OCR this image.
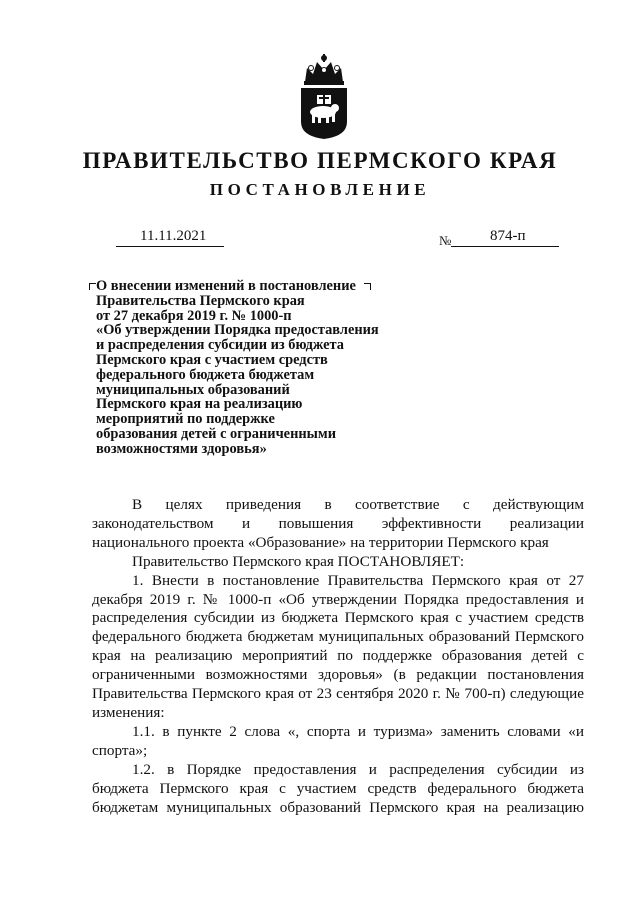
ПРАВИТЕЛЬСТВО ПЕРМСКОГО КРАЯ
ПОСТАНОВЛЕНИЕ
11.11.2021	№	874-п
О внесении изменений в постановление
Правительства Пермского края
от 27 декабря 2019 г. № 1000-п
«Об утверждении Порядка предоставления
и распределения субсидии из бюджета
Пермского края с участием средств
федерального бюджета бюджетам
муниципальных образований
Пермского края на реализацию
мероприятий по поддержке
образования детей с ограниченными
возможностями здоровья»

В целях приведения в соответствие с действующим законодательством и повышения эффективности реализации национального проекта «Образование» на территории Пермского края

Правительство Пермского края ПОСТАНОВЛЯЕТ:

1. Внести в постановление Правительства Пермского края от 27 декабря 2019 г. № 1000-п «Об утверждении Порядка предоставления и распределения субсидии из бюджета Пермского края с участием средств федерального бюджета бюджетам муниципальных образований Пермского края на реализацию мероприятий по поддержке образования детей с ограниченными возможностями здоровья» (в редакции постановления Правительства Пермского края от 23 сентября 2020 г. № 700-п) следующие изменения:

1.1. в пункте 2 слова «, спорта и туризма» заменить словами «и спорта»;

1.2. в Порядке предоставления и распределения субсидии из бюджета Пермского края с участием средств федерального бюджета бюджетам муниципальных образований Пермского края на реализацию
